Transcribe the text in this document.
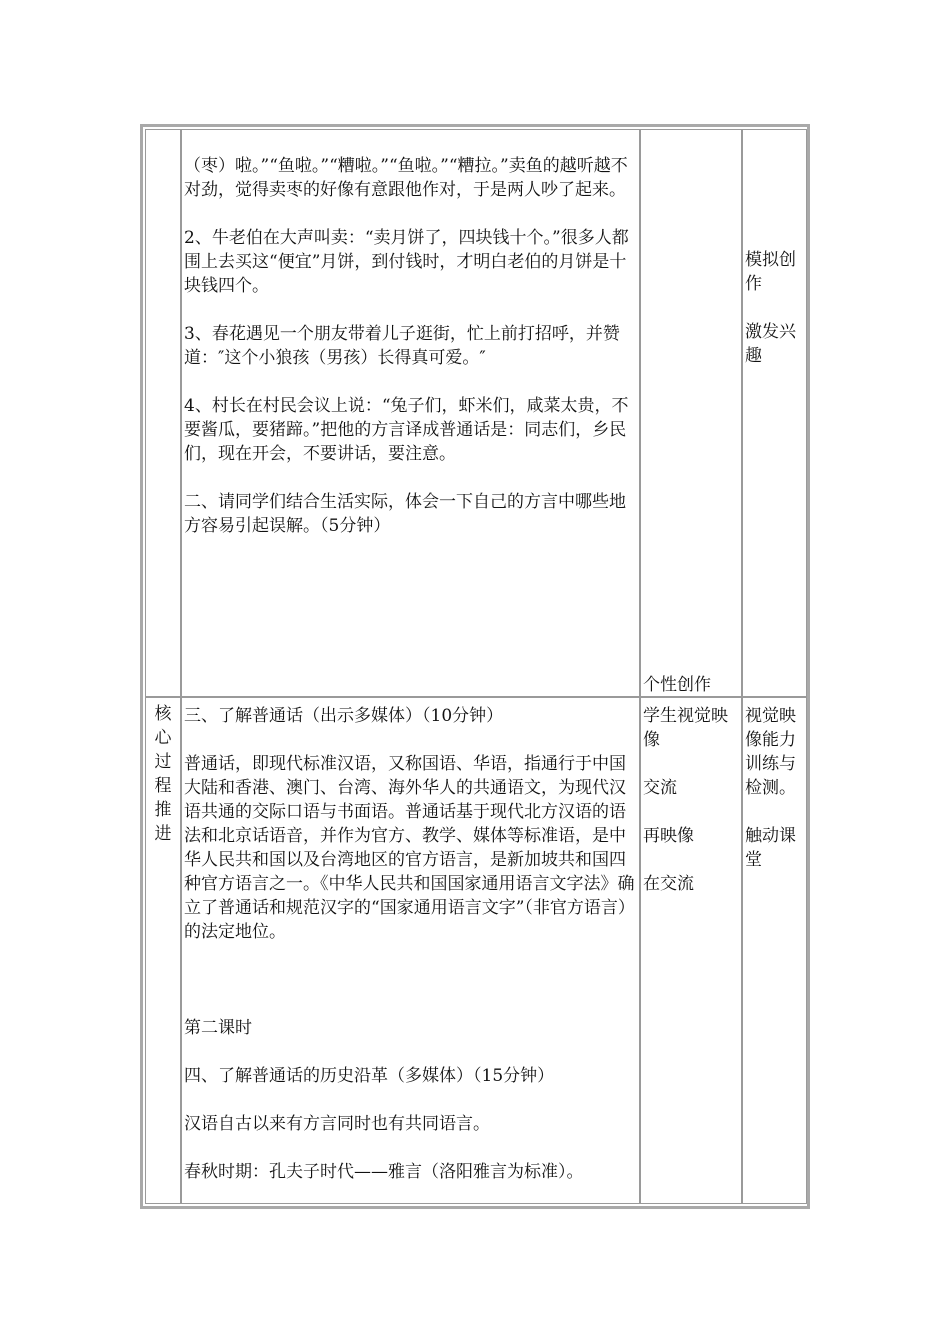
（枣）啦。”“鱼啦。”“糟啦。”“鱼啦。”“糟拉。”卖鱼的越听越不对劲，觉得卖枣的好像有意跟他作对，于是两人吵了起来。

2、牛老伯在大声叫卖：“卖月饼了，四块钱十个。”很多人都围上去买这“便宜”月饼，到付钱时，才明白老伯的月饼是十块钱四个。

3、春花遇见一个朋友带着儿子逛街，忙上前打招呼，并赞道：″这个小狼孩（男孩）长得真可爱。″

4、村长在村民会议上说：“兔子们，虾米们，咸菜太贵，不要酱瓜，要猪蹄。”把他的方言译成普通话是：同志们，乡民们，现在开会，不要讲话，要注意。

二、请同学们结合生活实际，体会一下自己的方言中哪些地方容易引起误解。（5分钟）

个性创作

模拟创作

激发兴趣

核心过程推进

三、了解普通话（出示多媒体）（10分钟）

普通话，即现代标准汉语，又称国语、华语，指通行于中国大陆和香港、澳门、台湾、海外华人的共通语文，为现代汉语共通的交际口语与书面语。普通话基于现代北方汉语的语法和北京话语音，并作为官方、教学、媒体等标准语，是中华人民共和国以及台湾地区的官方语言，是新加坡共和国四种官方语言之一。《中华人民共和国国家通用语言文字法》确立了普通话和规范汉字的“国家通用语言文字”（非官方语言）的法定地位。

第二课时

四、了解普通话的历史沿革（多媒体）（15分钟）

汉语自古以来有方言同时也有共同语言。

春秋时期：孔夫子时代——雅言（洛阳雅言为标准）。

学生视觉映像

交流

再映像

在交流

视觉映像能力训练与检测。

触动课堂
